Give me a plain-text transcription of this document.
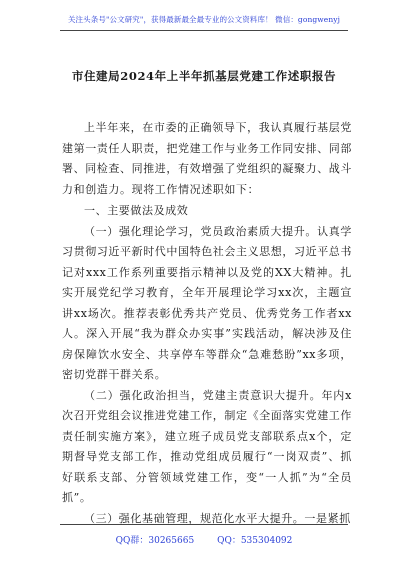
关注头条号"公文研究"，获得最新最全最专业的公文资料库！ 微信：gongwenyj
市住建局2024年上半年抓基层党建工作述职报告

上半年来，在市委的正确领导下，我认真履行基层党建第一责任人职责，把党建工作与业务工作同安排、同部署、同检查、同推进，有效增强了党组织的凝聚力、战斗力和创造力。现将工作情况述职如下：

一、主要做法及成效

（一）强化理论学习，党员政治素质大提升。认真学习贯彻习近平新时代中国特色社会主义思想，习近平总书记对xxx工作系列重要指示精神以及党的XX大精神。扎实开展党纪学习教育，全年开展理论学习xx次，主题宣讲xx场次。推荐表彰优秀共产党员、优秀党务工作者xx人。深入开展“我为群众办实事”实践活动，解决涉及住房保障饮水安全、共享停车等群众“急难愁盼”xx多项，密切党群干群关系。

（二）强化政治担当，党建主责意识大提升。年内x次召开党组会议推进党建工作，制定《全面落实党建工作责任制实施方案》，建立班子成员党支部联系点x个，定期督导党支部工作，推动党组成员履行“一岗双责”、抓好联系支部、分管领域党建工作，变“一人抓”为“全员抓”。

（三）强化基础管理，规范化水平大提升。一是紧抓

QQ群：30265665	QQ：535304092
